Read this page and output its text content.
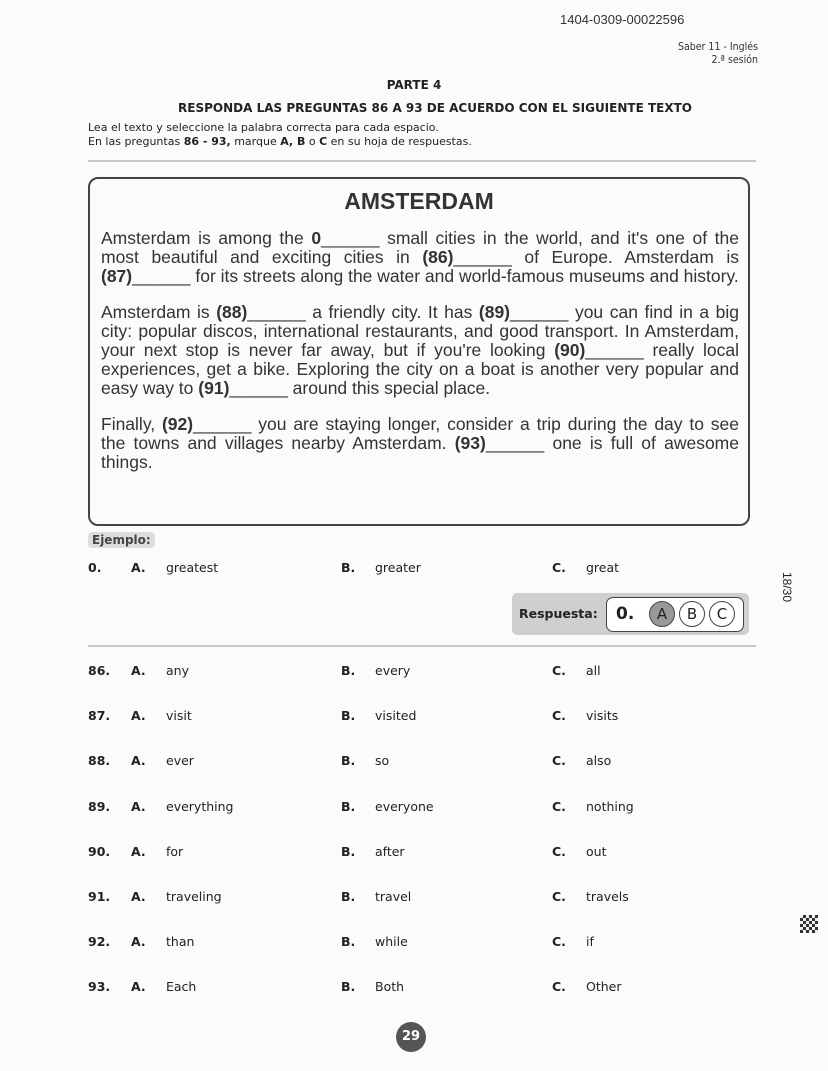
1404-0309-00022596
Saber 11 - Inglés
2.ª sesión
PARTE 4
RESPONDA LAS PREGUNTAS 86 A 93 DE ACUERDO CON EL SIGUIENTE TEXTO
Lea el texto y seleccione la palabra correcta para cada espacio.
En las preguntas 86 - 93, marque A, B o C en su hoja de respuestas.
AMSTERDAM

Amsterdam is among the 0______ small cities in the world, and it's one of the most beautiful and exciting cities in (86)______ of Europe. Amsterdam is (87)______ for its streets along the water and world-famous museums and history.

Amsterdam is (88)______ a friendly city. It has (89)______ you can find in a big city: popular discos, international restaurants, and good transport. In Amsterdam, your next stop is never far away, but if you're looking (90)______ really local experiences, get a bike. Exploring the city on a boat is another very popular and easy way to (91)______ around this special place.

Finally, (92)______ you are staying longer, consider a trip during the day to see the towns and villages nearby Amsterdam. (93)______ one is full of awesome things.

Ejemplo:
0. A. greatest	B. greater	C. great
Respuesta: 0.	A	B	C
86. A. any	B. every	C. all
87. A. visit	B. visited	C. visits
88. A. ever	B. so	C. also
89. A. everything	B. everyone	C. nothing
90. A. for	B. after	C. out
91. A. traveling	B. travel	C. travels
92. A. than	B. while	C. if
93. A. Each	B. Both	C. Other
18/30
29
